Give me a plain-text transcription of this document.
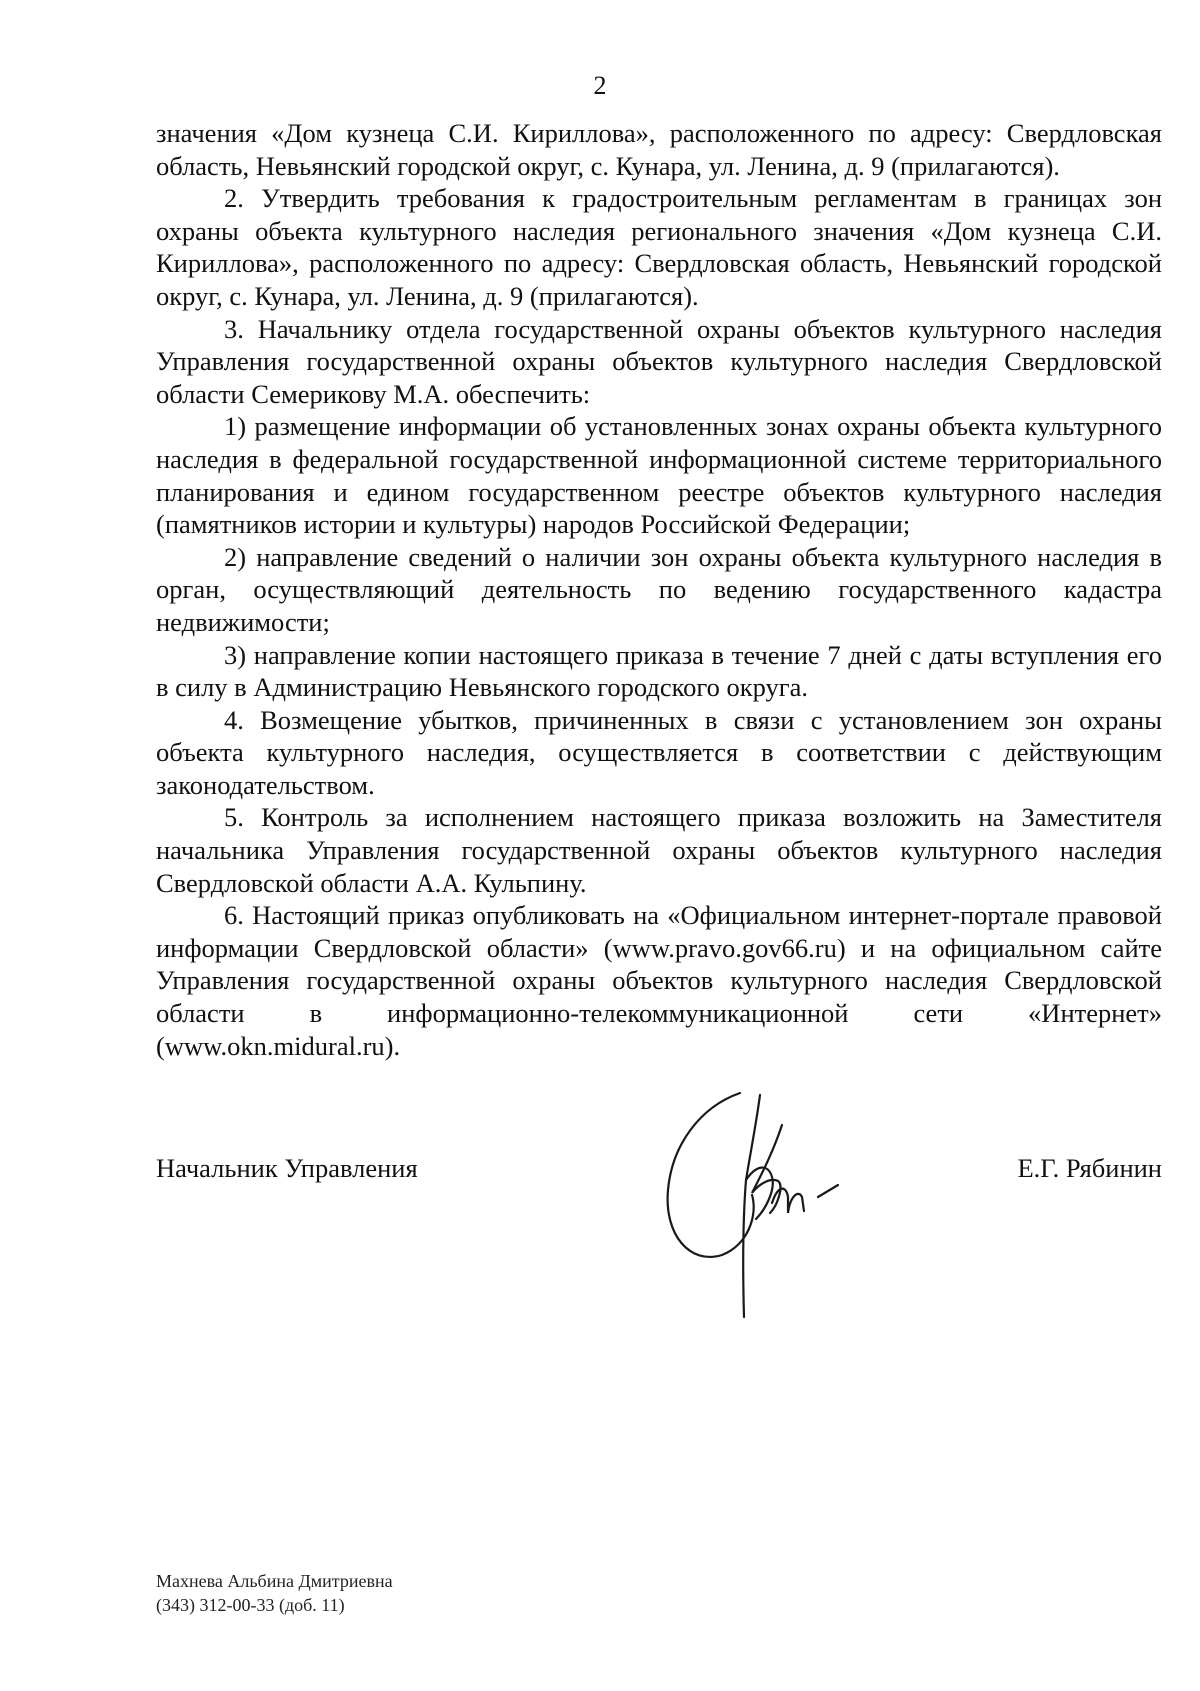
2

значения «Дом кузнеца С.И. Кириллова», расположенного по адресу: Свердловская область, Невьянский городской округ, с. Кунара, ул. Ленина, д. 9 (прилагаются).

2. Утвердить требования к градостроительным регламентам в границах зон охраны объекта культурного наследия регионального значения «Дом кузнеца С.И. Кириллова», расположенного по адресу: Свердловская область, Невьянский городской округ, с. Кунара, ул. Ленина, д. 9 (прилагаются).

3. Начальнику отдела государственной охраны объектов культурного наследия Управления государственной охраны объектов культурного наследия Свердловской области Семерикову М.А. обеспечить:

1) размещение информации об установленных зонах охраны объекта культурного наследия в федеральной государственной информационной системе территориального планирования и едином государственном реестре объектов культурного наследия (памятников истории и культуры) народов Российской Федерации;

2) направление сведений о наличии зон охраны объекта культурного наследия в орган, осуществляющий деятельность по ведению государственного кадастра недвижимости;

3) направление копии настоящего приказа в течение 7 дней с даты вступления его в силу в Администрацию Невьянского городского округа.

4. Возмещение убытков, причиненных в связи с установлением зон охраны объекта культурного наследия, осуществляется в соответствии с действующим законодательством.

5. Контроль за исполнением настоящего приказа возложить на Заместителя начальника Управления государственной охраны объектов культурного наследия Свердловской области А.А. Кульпину.

6. Настоящий приказ опубликовать на «Официальном интернет-портале правовой информации Свердловской области» (www.pravo.gov66.ru) и на официальном сайте Управления государственной охраны объектов культурного наследия Свердловской области в информационно-телекоммуникационной сети «Интернет» (www.okn.midural.ru).

Начальник Управления	Е.Г. Рябинин
Махнева Альбина Дмитриевна
(343) 312-00-33 (доб. 11)
